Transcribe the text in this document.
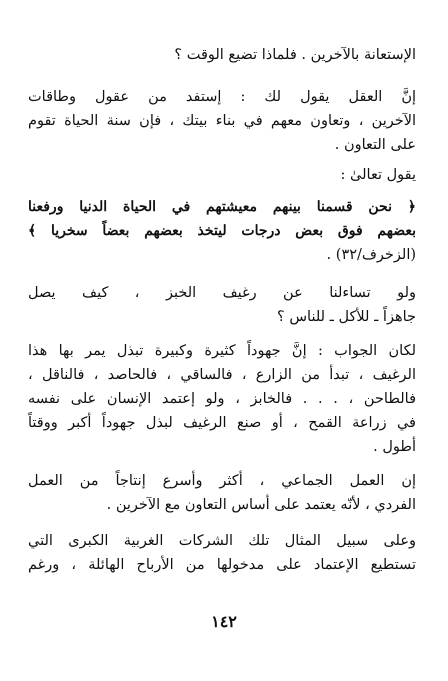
الإستعانة بالآخرين . فلماذا تضيع الوقت ؟
إنَّ العقل يقول لك : إستفد من عقول وطاقات
الآخرين ، وتعاون معهم في بناء بيتك ، فإن سنة الحياة تقوم
على التعاون .
يقول تعالىٰ :
﴿ نحن قسمنا بينهم معيشتهم في الحياة الدنيا ورفعنا
بعضهم فوق بعض درجات ليتخذ بعضهم بعضاً سخريا ﴾
(الزخرف/٣٢) .
ولو تساءلنا عن رغيف الخبز ، كيف يصل
جاهزاً ـ للأكل ـ للناس ؟
لكان الجواب : إنَّ جهوداً كثيرة وكبيرة تبذل يمر بها هذا
الرغيف ، تبدأ من الزارع ، فالساقي ، فالحاصد ، فالناقل ،
فالطاحن ، . . . فالخابز ، ولو إعتمد الإنسان على نفسه
في زراعة القمح ، أو صنع الرغيف لبذل جهوداً أكبر ووقتاً
أطول .
إن العمل الجماعي ، أكثر وأسرع إنتاجاً من العمل
الفردي ، لأنّه يعتمد على أساس التعاون مع الآخرين .
وعلى سبيل المثال تلك الشركات الغربية الكبرى التي
تستطيع الإعتماد على مدخولها من الأرباح الهائلة ، ورغم
١٤٢
